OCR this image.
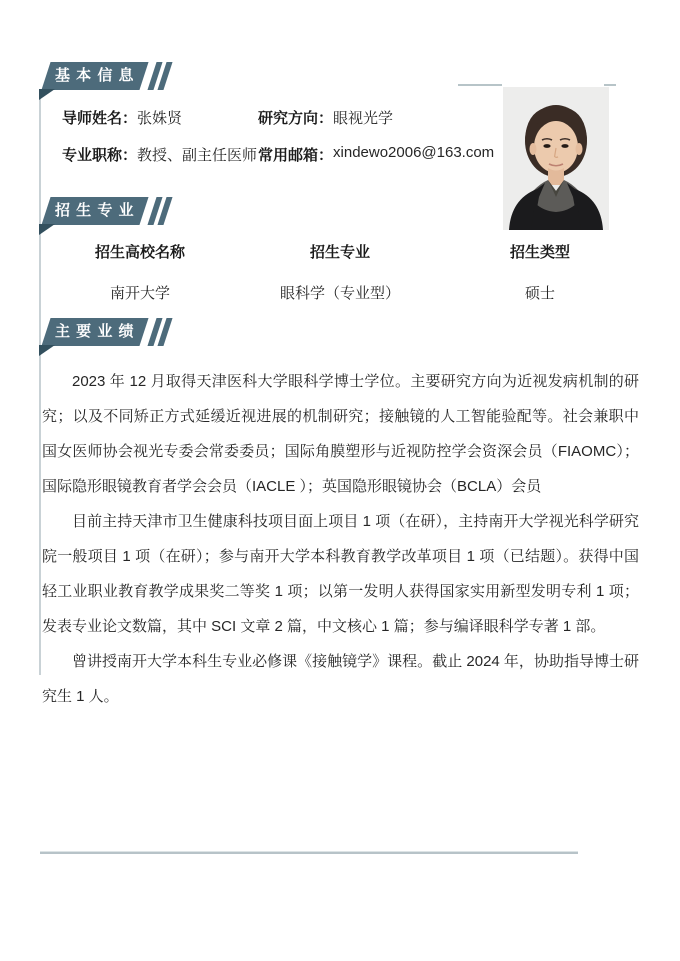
基 本 信 息
导师姓名： 张姝贤	研究方向： 眼视光学
专业职称： 教授、副主任医师 常用邮箱： xindewo2006@163.com
招 生 专 业
招生高校名称	招生专业	招生类型
南开大学	眼科学（专业型）	硕士
主 要 业 绩

2023 年 12 月取得天津医科大学眼科学博士学位。主要研究方向为近视发病机制的研究；以及不同矫正方式延缓近视进展的机制研究；接触镜的人工智能验配等。社会兼职中国女医师协会视光专委会常委委员；国际角膜塑形与近视防控学会资深会员（FIAOMC）；国际隐形眼镜教育者学会会员（IACLE ）；英国隐形眼镜协会（BCLA）会员

目前主持天津市卫生健康科技项目面上项目 1 项（在研），主持南开大学视光科学研究院一般项目 1 项（在研）；参与南开大学本科教育教学改革项目 1 项（已结题）。获得中国轻工业职业教育教学成果奖二等奖 1 项；以第一发明人获得国家实用新型发明专利 1 项；发表专业论文数篇，其中 SCI 文章 2 篇，中文核心 1 篇；参与编译眼科学专著 1 部。

曾讲授南开大学本科生专业必修课《接触镜学》课程。截止 2024 年，协助指导博士研究生 1 人。
